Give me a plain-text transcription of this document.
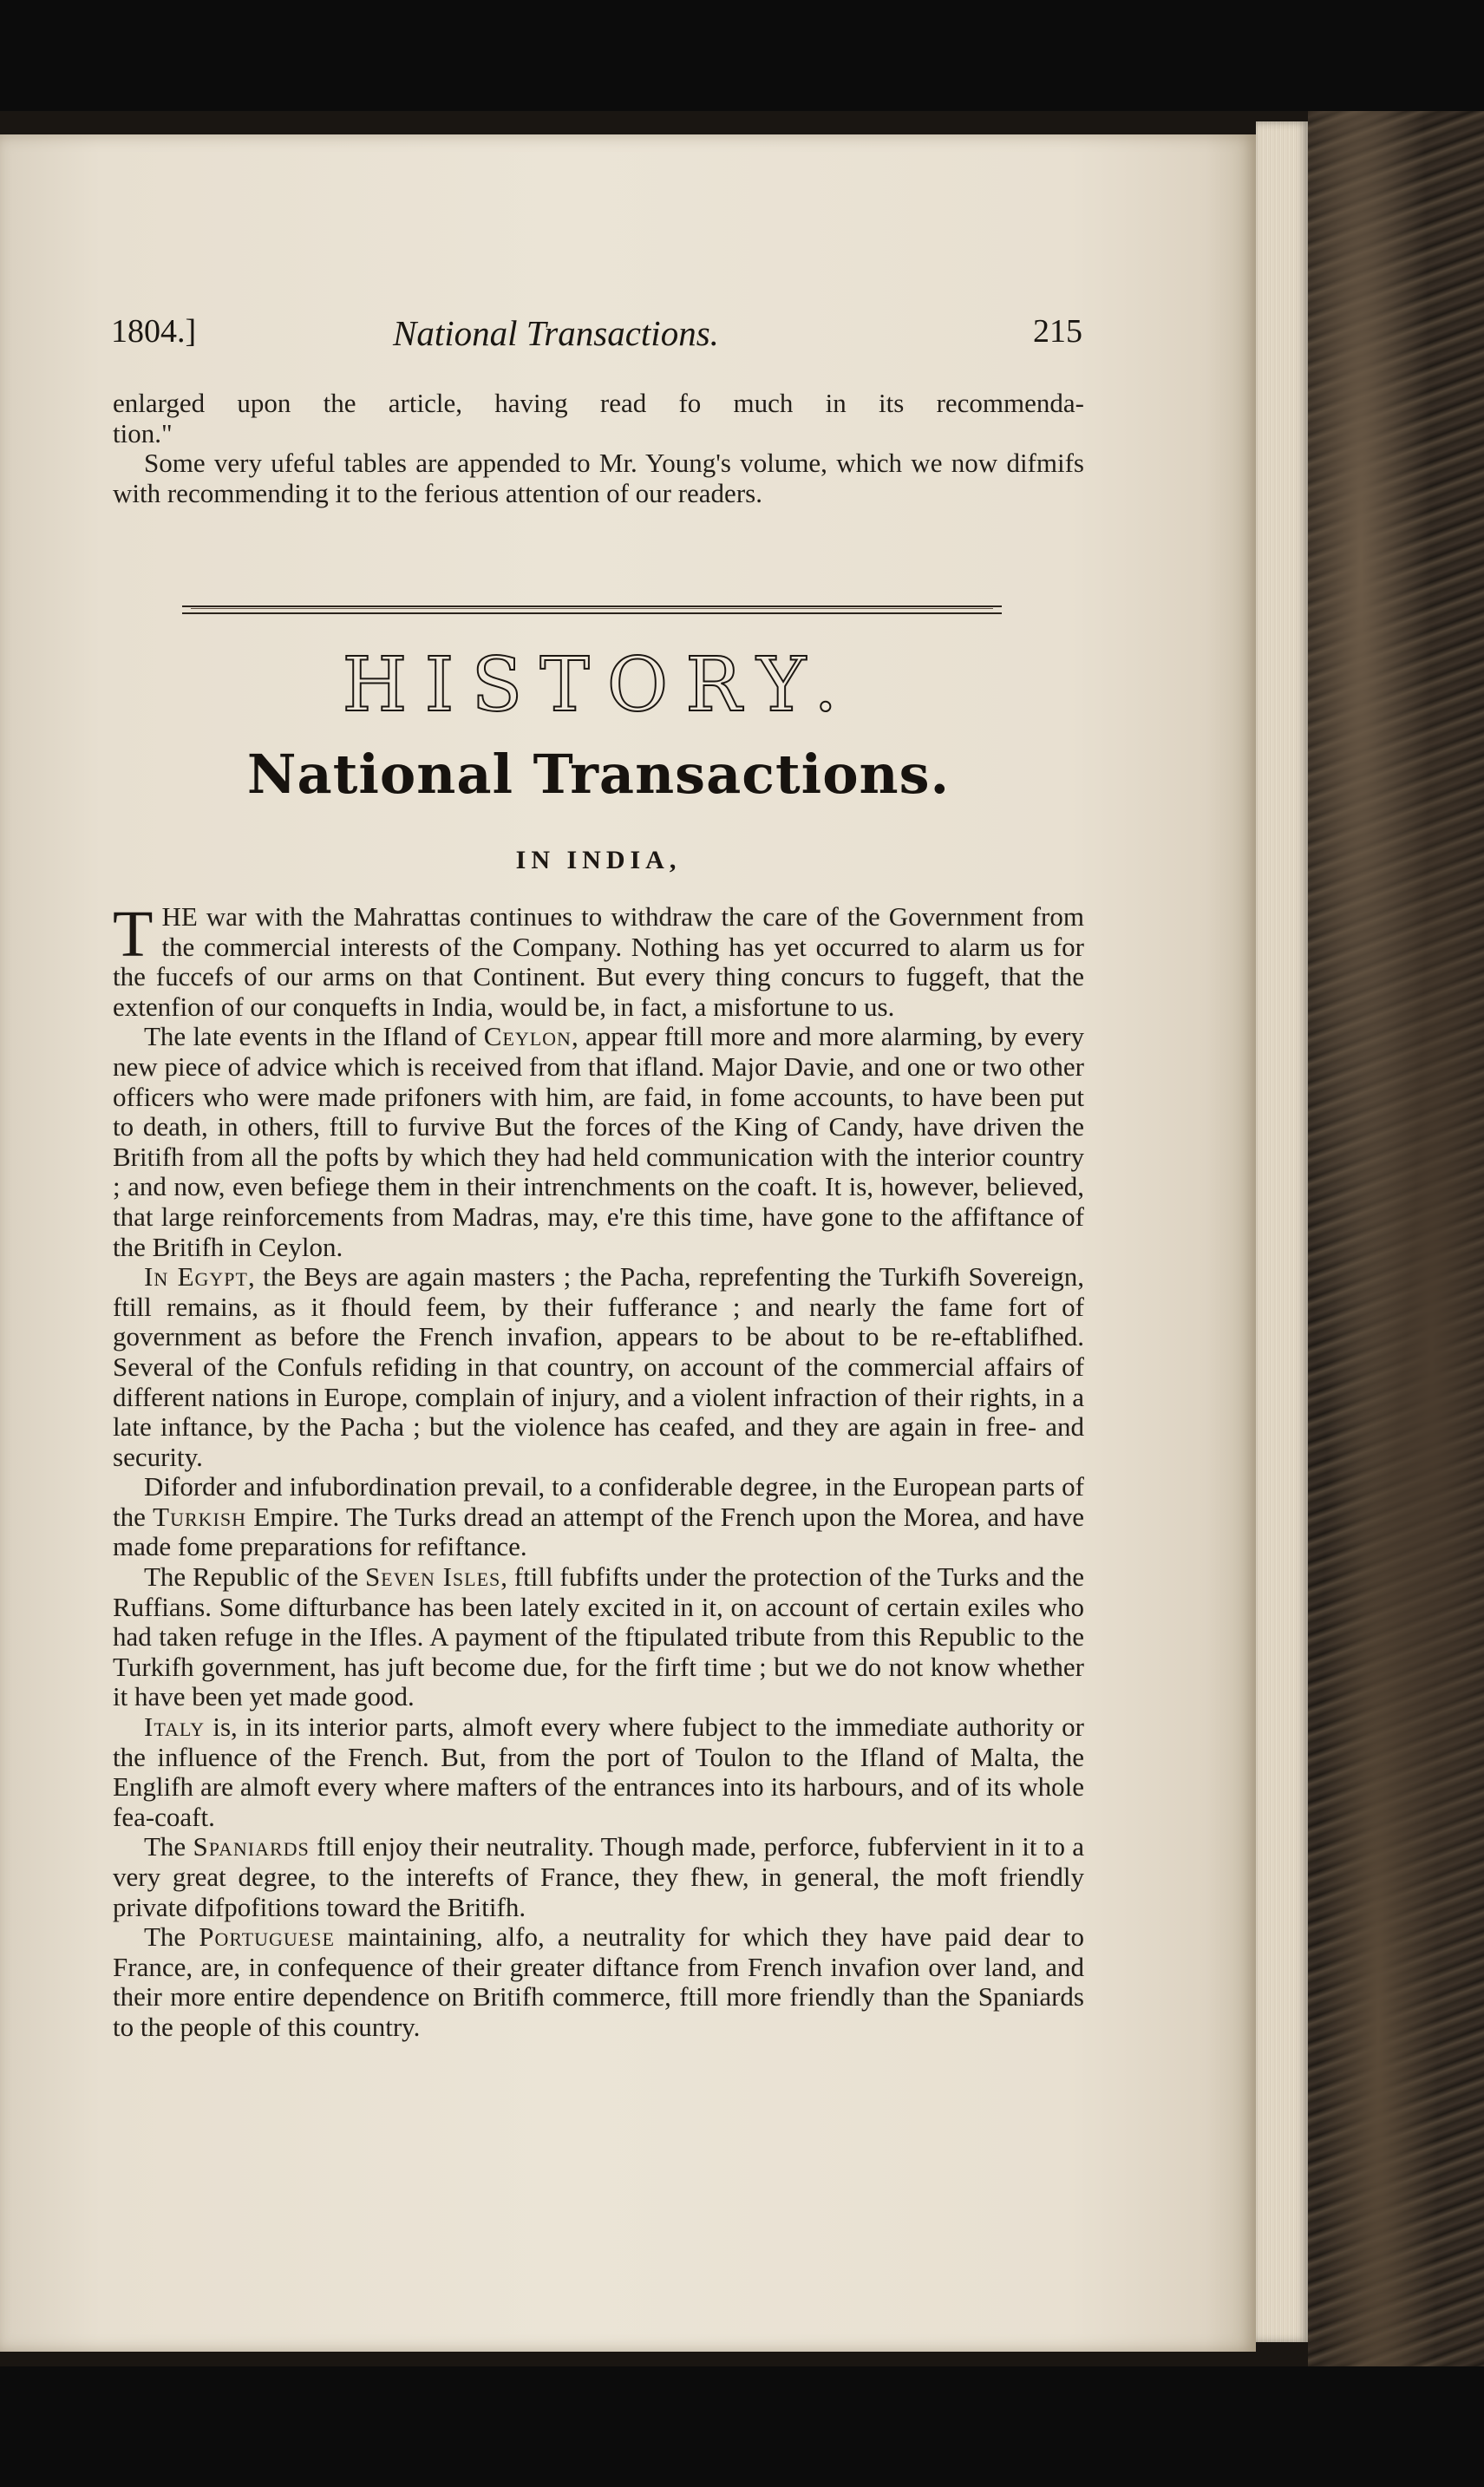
1804.]	National Transactions.	215

enlarged upon the article, having read fo much in its recommenda-

tion."

Some very ufeful tables are appended to Mr. Young's volume, which we now difmifs with recommending it to the ferious attention of our readers.

HISTORY.
National Transactions.
IN INDIA,

THE war with the Mahrattas continues to withdraw the care of the Government from the commercial interests of the Company. Nothing has yet occurred to alarm us for the fuccefs of our arms on that Continent. But every thing concurs to fuggeft, that the extenfion of our conquefts in India, would be, in fact, a misfortune to us.

The late events in the Ifland of Ceylon, appear ftill more and more alarming, by every new piece of advice which is received from that ifland. Major Davie, and one or two other officers who were made prifoners with him, are faid, in fome accounts, to have been put to death, in others, ftill to furvive But the forces of the King of Candy, have driven the Britifh from all the pofts by which they had held communication with the interior country ; and now, even befiege them in their intrenchments on the coaft. It is, however, believed, that large reinforcements from Madras, may, e're this time, have gone to the affiftance of the Britifh in Ceylon.

In Egypt, the Beys are again masters ; the Pacha, reprefenting the Turkifh Sovereign, ftill remains, as it fhould feem, by their fufferance ; and nearly the fame fort of government as before the French invafion, appears to be about to be re-eftablifhed. Several of the Confuls refiding in that country, on account of the commercial affairs of different nations in Europe, complain of injury, and a violent infraction of their rights, in a late inftance, by the Pacha ; but the violence has ceafed, and they are again in free- and security.

Diforder and infubordination prevail, to a confiderable degree, in the European parts of the Turkish Empire. The Turks dread an attempt of the French upon the Morea, and have made fome preparations for refiftance.

The Republic of the Seven Isles, ftill fubfifts under the protection of the Turks and the Ruffians. Some difturbance has been lately excited in it, on account of certain exiles who had taken refuge in the Ifles. A payment of the ftipulated tribute from this Republic to the Turkifh government, has juft become due, for the firft time ; but we do not know whether it have been yet made good.

Italy is, in its interior parts, almoft every where fubject to the immediate authority or the influence of the French. But, from the port of Toulon to the Ifland of Malta, the Englifh are almoft every where mafters of the entrances into its harbours, and of its whole fea-coaft.

The Spaniards ftill enjoy their neutrality. Though made, perforce, fubfervient in it to a very great degree, to the interefts of France, they fhew, in general, the moft friendly private difpofitions toward the Britifh.

The Portuguese maintaining, alfo, a neutrality for which they have paid dear to France, are, in confequence of their greater diftance from French invafion over land, and their more entire dependence on Britifh commerce, ftill more friendly than the Spaniards to the people of this country.
